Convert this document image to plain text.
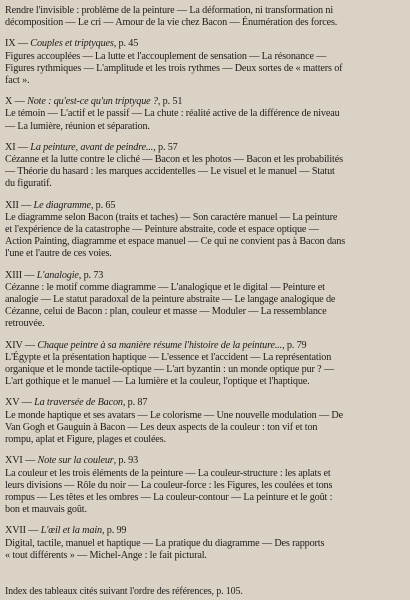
Rendre l'invisible : problème de la peinture — La déformation, ni transformation ni

décomposition — Le cri — Amour de la vie chez Bacon — Énumération des forces.

IX — Couples et triptyques, p. 45

Figures accouplées — La lutte et l'accouplement de sensation — La résonance —

Figures rythmiques — L'amplitude et les trois rythmes — Deux sortes de « matters of

fact ».

X — Note : qu'est-ce qu'un triptyque ?, p. 51

Le témoin — L'actif et le passif — La chute : réalité active de la différence de niveau

— La lumière, réunion et séparation.

XI — La peinture, avant de peindre..., p. 57

Cézanne et la lutte contre le cliché — Bacon et les photos — Bacon et les probabilités

— Théorie du hasard : les marques accidentelles — Le visuel et le manuel — Statut

du figuratif.

XII — Le diagramme, p. 65

Le diagramme selon Bacon (traits et taches) — Son caractère manuel — La peinture

et l'expérience de la catastrophe — Peinture abstraite, code et espace optique —

Action Painting, diagramme et espace manuel — Ce qui ne convient pas à Bacon dans

l'une et l'autre de ces voies.

XIII — L'analogie, p. 73

Cézanne : le motif comme diagramme — L'analogique et le digital — Peinture et

analogie — Le statut paradoxal de la peinture abstraite — Le langage analogique de

Cézanne, celui de Bacon : plan, couleur et masse — Moduler — La ressemblance

retrouvée.

XIV — Chaque peintre à sa manière résume l'histoire de la peinture..., p. 79

L'Égypte et la présentation haptique — L'essence et l'accident — La représentation

organique et le monde tactile-optique — L'art byzantin : un monde optique pur ? —

L'art gothique et le manuel — La lumière et la couleur, l'optique et l'haptique.

XV — La traversée de Bacon, p. 87

Le monde haptique et ses avatars — Le colorisme — Une nouvelle modulation — De

Van Gogh et Gauguin à Bacon — Les deux aspects de la couleur : ton vif et ton

rompu, aplat et Figure, plages et coulées.

XVI — Note sur la couleur, p. 93

La couleur et les trois éléments de la peinture — La couleur-structure : les aplats et

leurs divisions — Rôle du noir — La couleur-force : les Figures, les coulées et tons

rompus — Les têtes et les ombres — La couleur-contour — La peinture et le goût :

bon et mauvais goût.

XVII — L'œil et la main, p. 99

Digital, tactile, manuel et haptique — La pratique du diagramme — Des rapports

« tout différents » — Michel-Ange : le fait pictural.

Index des tableaux cités suivant l'ordre des références, p. 105.
